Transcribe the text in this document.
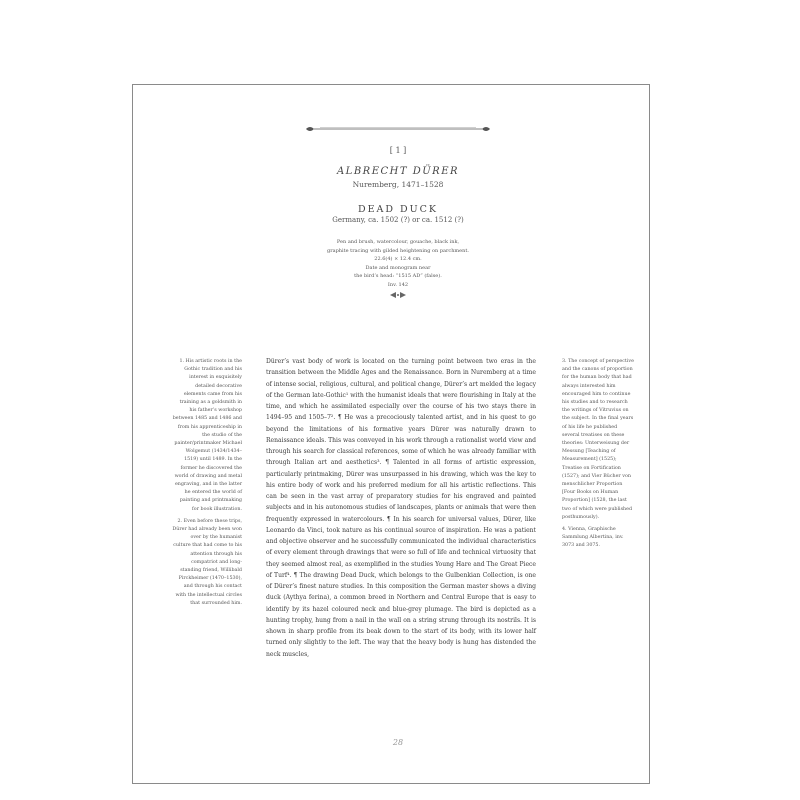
[ 1 ]
ALBRECHT DÜRER
Nuremberg, 1471–1528
DEAD DUCK
Germany, ca. 1502 (?) or ca. 1512 (?)
Pen and brush, watercolour, gouache, black ink,
graphite tracing with gilded heightening on parchment.
22.6(4) × 12.4 cm.
Date and monogram near
the bird’s head: “1515 AD” (false).
Inv. 142
1. His artistic roots in the Gothic tradition and his interest in exquisitely detailed decorative elements came from his training as a goldsmith in his father’s workshop between 1485 and 1486 and from his apprenticeship in the studio of the painter/printmaker Michael Wolgemut (1434/1434–1519) until 1489. In the former he discovered the world of drawing and metal engraving, and in the latter he entered the world of painting and printmaking for book illustration.
2. Even before these trips, Dürer had already been won over by the humanist culture that had come to his attention through his compatriot and long-standing friend, Willibald Pirckheimer (1470–1530), and through his contact with the intellectual circles that surrounded him.
Dürer’s vast body of work is located on the turning point between two eras in the transition between the Middle Ages and the Renaissance. Born in Nuremberg at a time of intense social, religious, cultural, and political change, Dürer’s art melded the legacy of the German late-Gothic¹ with the humanist ideals that were flourishing in Italy at the time, and which he assimilated especially over the course of his two stays there in 1494–95 and 1505–7². ¶ He was a precociously talented artist, and in his quest to go beyond the limitations of his formative years Dürer was naturally drawn to Renaissance ideals. This was conveyed in his work through a rationalist world view and through his search for classical references, some of which he was already familiar with through Italian art and aesthetics³. ¶ Talented in all forms of artistic expression, particularly printmaking, Dürer was unsurpassed in his drawing, which was the key to his entire body of work and his preferred medium for all his artistic reflections. This can be seen in the vast array of preparatory studies for his engraved and painted subjects and in his autonomous studies of landscapes, plants or animals that were then frequently expressed in watercolours. ¶ In his search for universal values, Dürer, like Leonardo da Vinci, took nature as his continual source of inspiration. He was a patient and objective observer and he successfully communicated the individual characteristics of every element through drawings that were so full of life and technical virtuosity that they seemed almost real, as exemplified in the studies Young Hare and The Great Piece of Turf⁴. ¶ The drawing Dead Duck, which belongs to the Gulbenkian Collection, is one of Dürer’s finest nature studies. In this composition the German master shows a diving duck (Aythya ferina), a common breed in Northern and Central Europe that is easy to identify by its hazel coloured neck and blue-grey plumage. The bird is depicted as a hunting trophy, hung from a nail in the wall on a string strung through its nostrils. It is shown in sharp profile from its beak down to the start of its body, with its lower half turned only slightly to the left. The way that the heavy body is hung has distended the neck muscles,
3. The concept of perspective and the canons of proportion for the human body that had always interested him encouraged him to continue his studies and to research the writings of Vitruvius on the subject. In the final years of his life he published several treatises on these theories: Unterweisung der Messung [Teaching of Measurement] (1525); Treatise on Fortification (1527); and Vier Bücher von menschlicher Proportion [Four Books on Human Proportion] (1528, the last two of which were published posthumously).
4. Vienna, Graphische Sammlung Albertina, inv. 3073 and 3075.
28
